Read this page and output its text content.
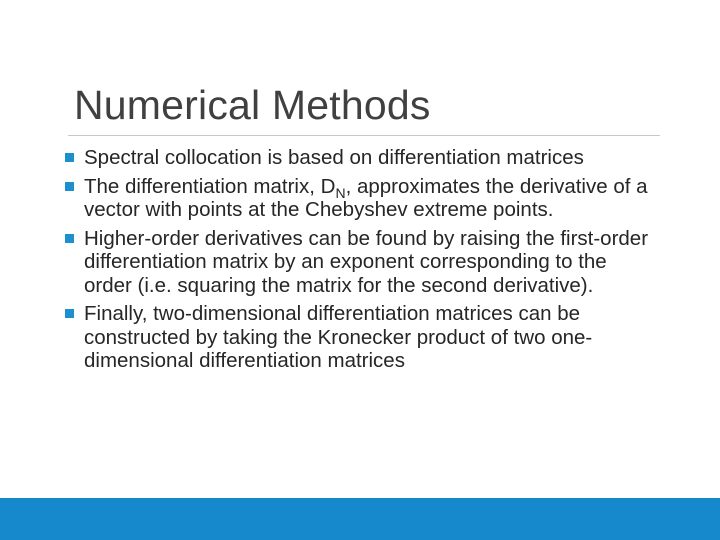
Numerical Methods
Spectral collocation is based on differentiation matrices
The differentiation matrix, $D_N$, approximates the derivative of a vector with points at the Chebyshev extreme points.
Higher-order derivatives can be found by raising the first-order differentiation matrix by an exponent corresponding to the order (i.e. squaring the matrix for the second derivative).
Finally, two-dimensional differentiation matrices can be constructed by taking the Kronecker product of two one-dimensional differentiation matrices
